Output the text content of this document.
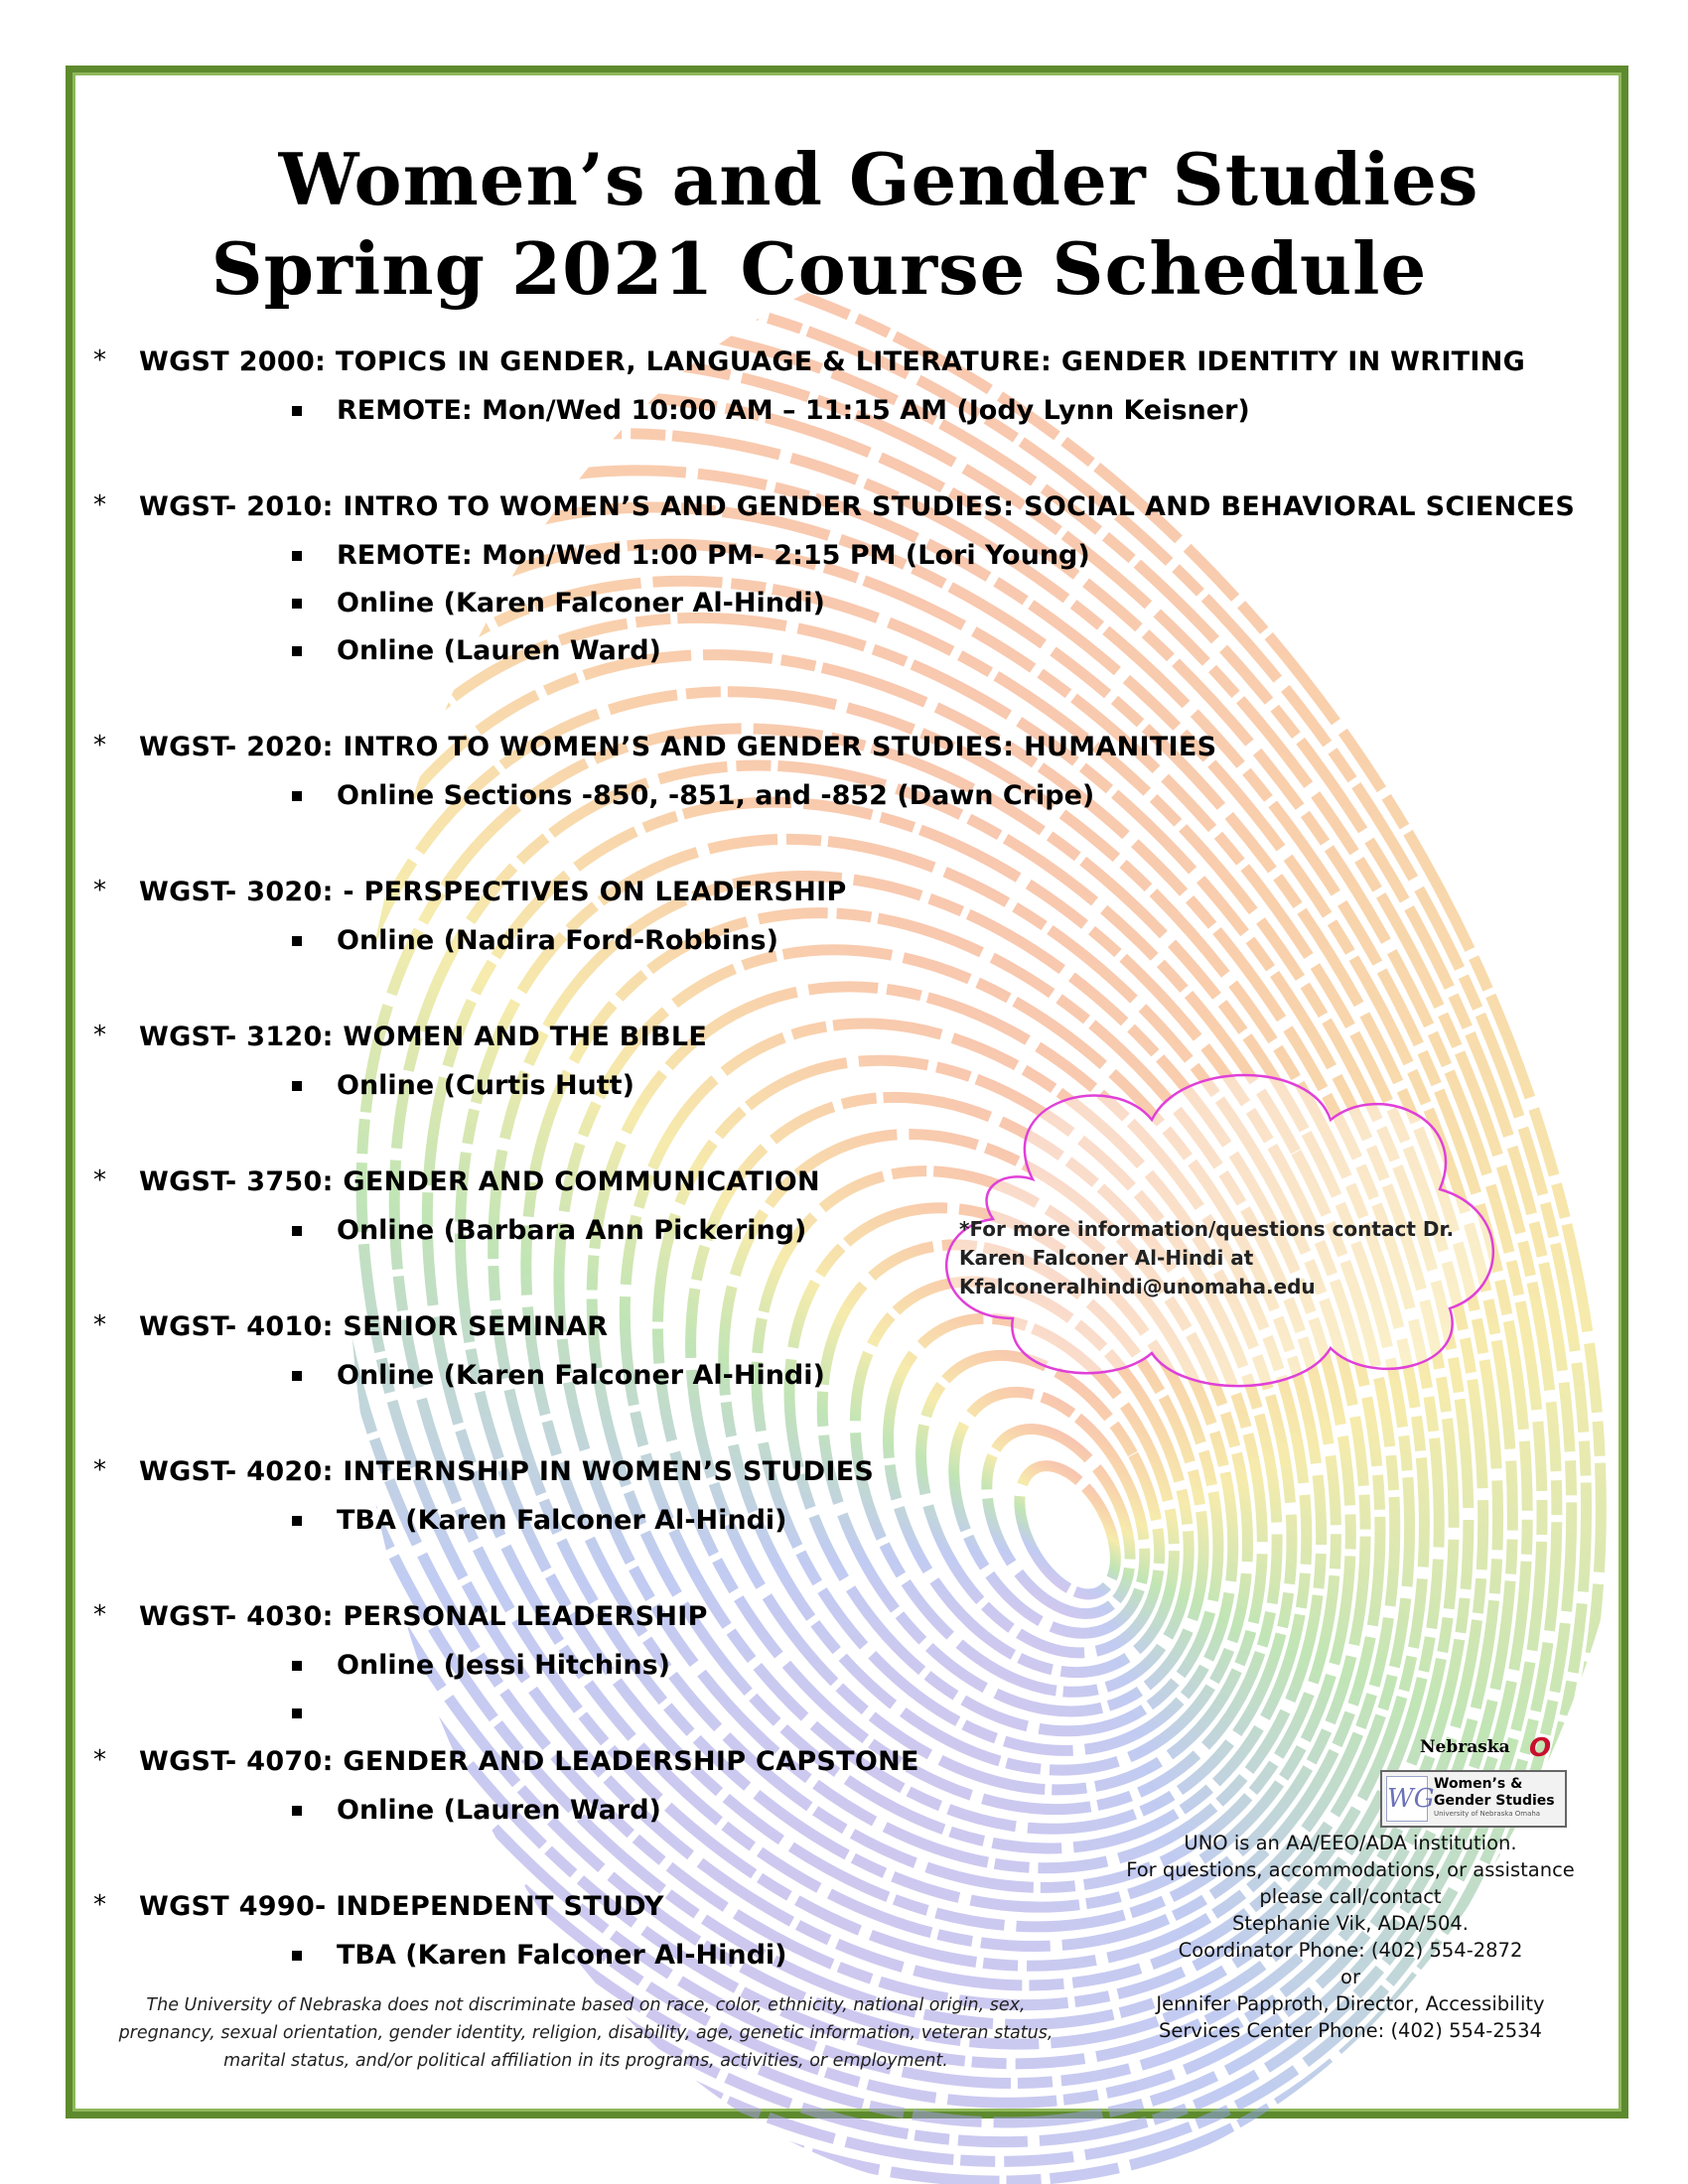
Women’s and Gender Studies
Spring 2021 Course Schedule
* WGST 2000: TOPICS IN GENDER, LANGUAGE & LITERATURE: GENDER IDENTITY IN WRITING
REMOTE: Mon/Wed 10:00 AM – 11:15 AM (Jody Lynn Keisner)
* WGST- 2010: INTRO TO WOMEN’S AND GENDER STUDIES: SOCIAL AND BEHAVIORAL SCIENCES
REMOTE: Mon/Wed 1:00 PM- 2:15 PM (Lori Young)
Online (Karen Falconer Al-Hindi)
Online (Lauren Ward)
* WGST- 2020: INTRO TO WOMEN’S AND GENDER STUDIES: HUMANITIES
Online Sections -850, -851, and -852 (Dawn Cripe)
* WGST- 3020: - PERSPECTIVES ON LEADERSHIP
Online (Nadira Ford-Robbins)
* WGST- 3120: WOMEN AND THE BIBLE
Online (Curtis Hutt)
* WGST- 3750: GENDER AND COMMUNICATION
Online (Barbara Ann Pickering)
* WGST- 4010: SENIOR SEMINAR
Online (Karen Falconer Al-Hindi)
* WGST- 4020: INTERNSHIP IN WOMEN’S STUDIES
TBA (Karen Falconer Al-Hindi)
* WGST- 4030: PERSONAL LEADERSHIP
Online (Jessi Hitchins)
* WGST- 4070: GENDER AND LEADERSHIP CAPSTONE
Online (Lauren Ward)
* WGST 4990- INDEPENDENT STUDY
TBA (Karen Falconer Al-Hindi)
*For more information/questions contact Dr. Karen Falconer Al-Hindi at Kfalconeralhindi@unomaha.edu
Nebraska O
WG Women’s &
Gender Studies
University of Nebraska Omaha
UNO is an AA/EEO/ADA institution.
For questions, accommodations, or assistance
please call/contact
Stephanie Vik, ADA/504.
Coordinator Phone: (402) 554-2872
or
Jennifer Papproth, Director, Accessibility
Services Center Phone: (402) 554-2534
The University of Nebraska does not discriminate based on race, color, ethnicity, national origin, sex, pregnancy, sexual orientation, gender identity, religion, disability, age, genetic information, veteran status, marital status, and/or political affiliation in its programs, activities, or employment.
